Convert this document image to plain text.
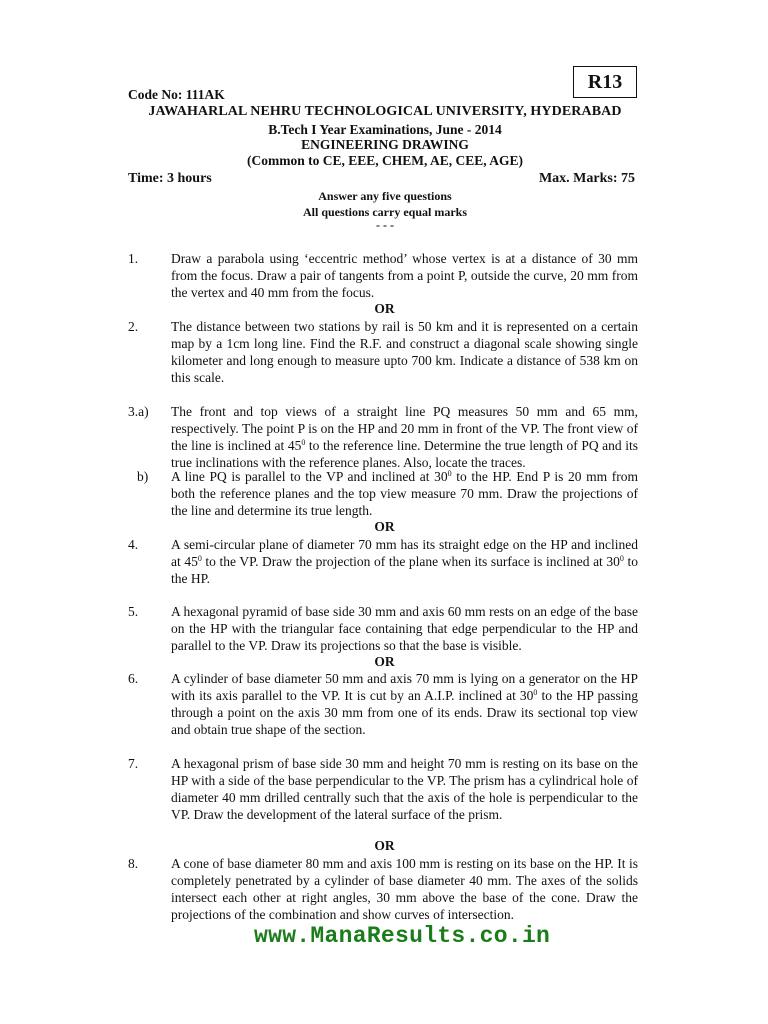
R13
Code No: 111AK
JAWAHARLAL NEHRU TECHNOLOGICAL UNIVERSITY, HYDERABAD
B.Tech I Year Examinations, June - 2014
ENGINEERING DRAWING
(Common to CE, EEE, CHEM, AE, CEE, AGE)
Time: 3 hours	Max. Marks: 75
Answer any five questions
All questions carry equal marks
- - -
1. Draw a parabola using ‘eccentric method’ whose vertex is at a distance of 30 mm from the focus. Draw a pair of tangents from a point P, outside the curve, 20 mm from the vertex and 40 mm from the focus.
OR
2. The distance between two stations by rail is 50 km and it is represented on a certain map by a 1cm long line. Find the R.F. and construct a diagonal scale showing single kilometer and long enough to measure upto 700 km. Indicate a distance of 538 km on this scale.
3.a) The front and top views of a straight line PQ measures 50 mm and 65 mm, respectively. The point P is on the HP and 20 mm in front of the VP. The front view of the line is inclined at $45^0$ to the reference line. Determine the true length of PQ and its true inclinations with the reference planes. Also, locate the traces.
b) A line PQ is parallel to the VP and inclined at $30^0$ to the HP. End P is 20 mm from both the reference planes and the top view measure 70 mm. Draw the projections of the line and determine its true length.
OR
4. A semi-circular plane of diameter 70 mm has its straight edge on the HP and inclined at $45^0$ to the VP. Draw the projection of the plane when its surface is inclined at $30^0$ to the HP.
5. A hexagonal pyramid of base side 30 mm and axis 60 mm rests on an edge of the base on the HP with the triangular face containing that edge perpendicular to the HP and parallel to the VP. Draw its projections so that the base is visible.
OR
6. A cylinder of base diameter 50 mm and axis 70 mm is lying on a generator on the HP with its axis parallel to the VP. It is cut by an A.I.P. inclined at $30^0$ to the HP passing through a point on the axis 30 mm from one of its ends. Draw its sectional top view and obtain true shape of the section.
7. A hexagonal prism of base side 30 mm and height 70 mm is resting on its base on the HP with a side of the base perpendicular to the VP. The prism has a cylindrical hole of diameter 40 mm drilled centrally such that the axis of the hole is perpendicular to the VP. Draw the development of the lateral surface of the prism.
OR
8. A cone of base diameter 80 mm and axis 100 mm is resting on its base on the HP. It is completely penetrated by a cylinder of base diameter 40 mm. The axes of the solids intersect each other at right angles, 30 mm above the base of the cone. Draw the projections of the combination and show curves of intersection.
www.ManaResults.co.in
